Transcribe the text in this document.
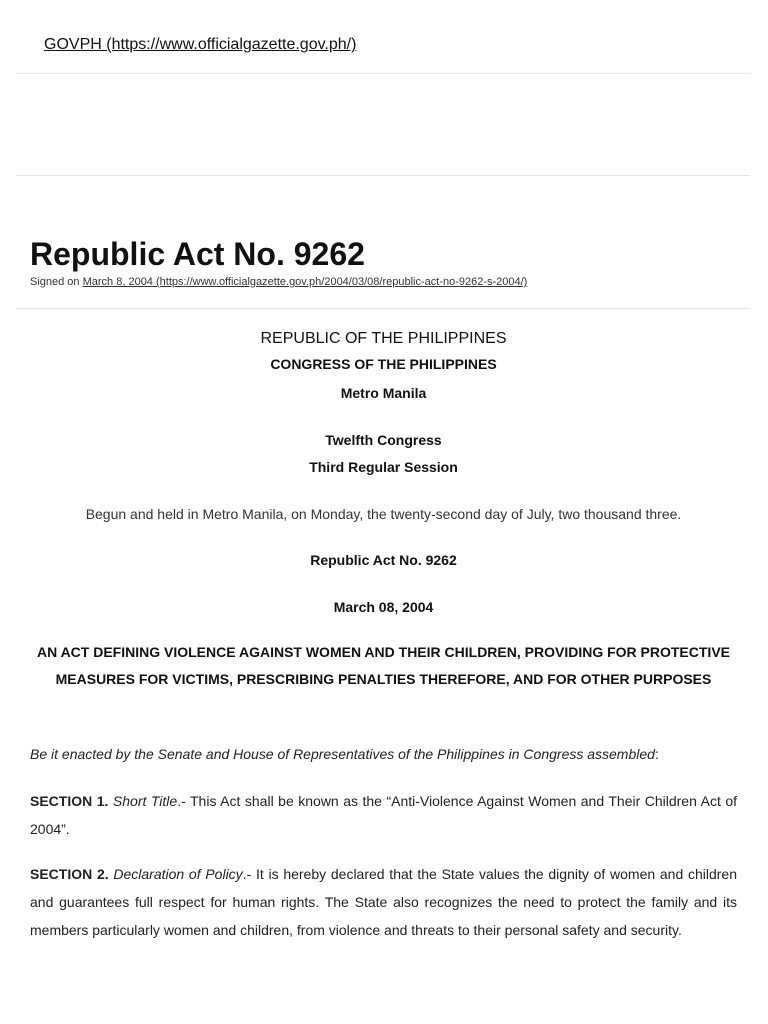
GOVPH (https://www.officialgazette.gov.ph/)
Republic Act No. 9262
Signed on March 8, 2004 (https://www.officialgazette.gov.ph/2004/03/08/republic-act-no-9262-s-2004/)
REPUBLIC OF THE PHILIPPINES
CONGRESS OF THE PHILIPPINES
Metro Manila
Twelfth Congress
Third Regular Session
Begun and held in Metro Manila, on Monday, the twenty-second day of July, two thousand three.
Republic Act No. 9262
March 08, 2004
AN ACT DEFINING VIOLENCE AGAINST WOMEN AND THEIR CHILDREN, PROVIDING FOR PROTECTIVE MEASURES FOR VICTIMS, PRESCRIBING PENALTIES THEREFORE, AND FOR OTHER PURPOSES
Be it enacted by the Senate and House of Representatives of the Philippines in Congress assembled:
SECTION 1. Short Title.- This Act shall be known as the “Anti-Violence Against Women and Their Children Act of 2004”.
SECTION 2. Declaration of Policy.- It is hereby declared that the State values the dignity of women and children and guarantees full respect for human rights. The State also recognizes the need to protect the family and its members particularly women and children, from violence and threats to their personal safety and security.
